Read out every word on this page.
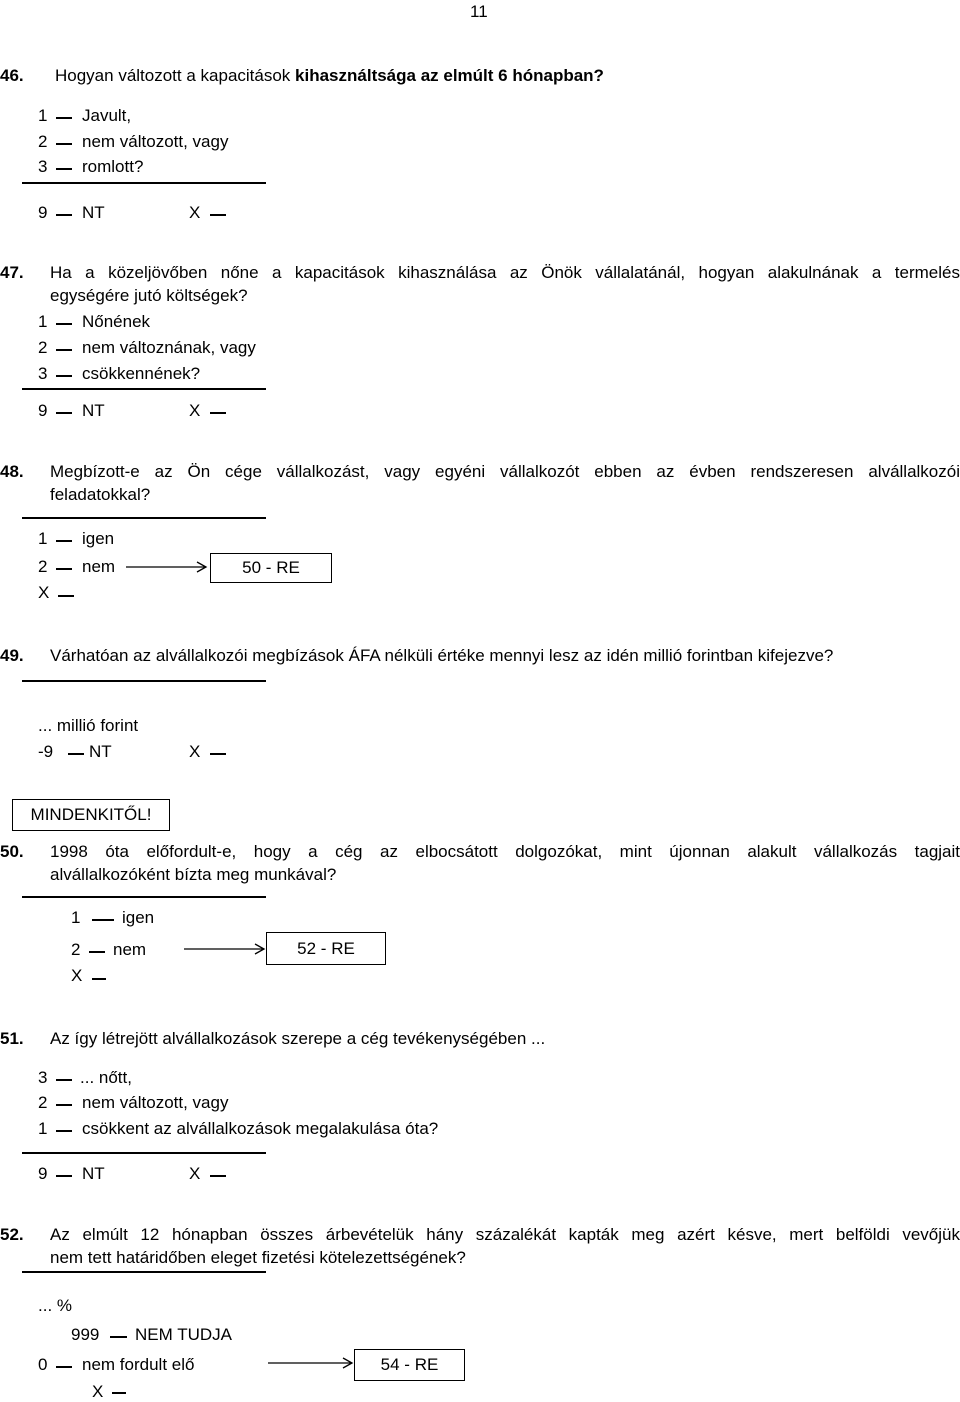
11
46. Hogyan változott a kapacitások kihasználtsága az elmúlt 6 hónapban?
1 Javult,
2 nem változott, vagy
3 romlott?
9 NT	X
47. Ha a közeljövőben nőne a kapacitások kihasználása az Önök vállalatánál, hogyan alakulnának a termelés
egységére jutó költségek?
1 Nőnének
2 nem változnának, vagy
3 csökkennének?
9 NT	X
48. Megbízott-e az Ön cége vállalkozást, vagy egyéni vállalkozót ebben az évben rendszeresen alvállalkozói
feladatokkal?
1 igen
2 nem	50 - RE
X
49. Várhatóan az alvállalkozói megbízások ÁFA nélküli értéke mennyi lesz az idén millió forintban kifejezve?
... millió forint
-9 NT	X
MINDENKITŐL!
50. 1998 óta előfordult-e, hogy a cég az elbocsátott dolgozókat, mint újonnan alakult vállalkozás tagjait
alvállalkozóként bízta meg munkával?
1 igen
2 nem	52 - RE
X
51. Az így létrejött alvállalkozások szerepe a cég tevékenységében ...
3 ... nőtt,
2 nem változott, vagy
1 csökkent az alvállalkozások megalakulása óta?
9 NT	X
52. Az elmúlt 12 hónapban összes árbevételük hány százalékát kapták meg azért késve, mert belföldi vevőjük
nem tett határidőben eleget fizetési kötelezettségének?
... %
999 NEM TUDJA
0 nem fordult elő	54 - RE
X
